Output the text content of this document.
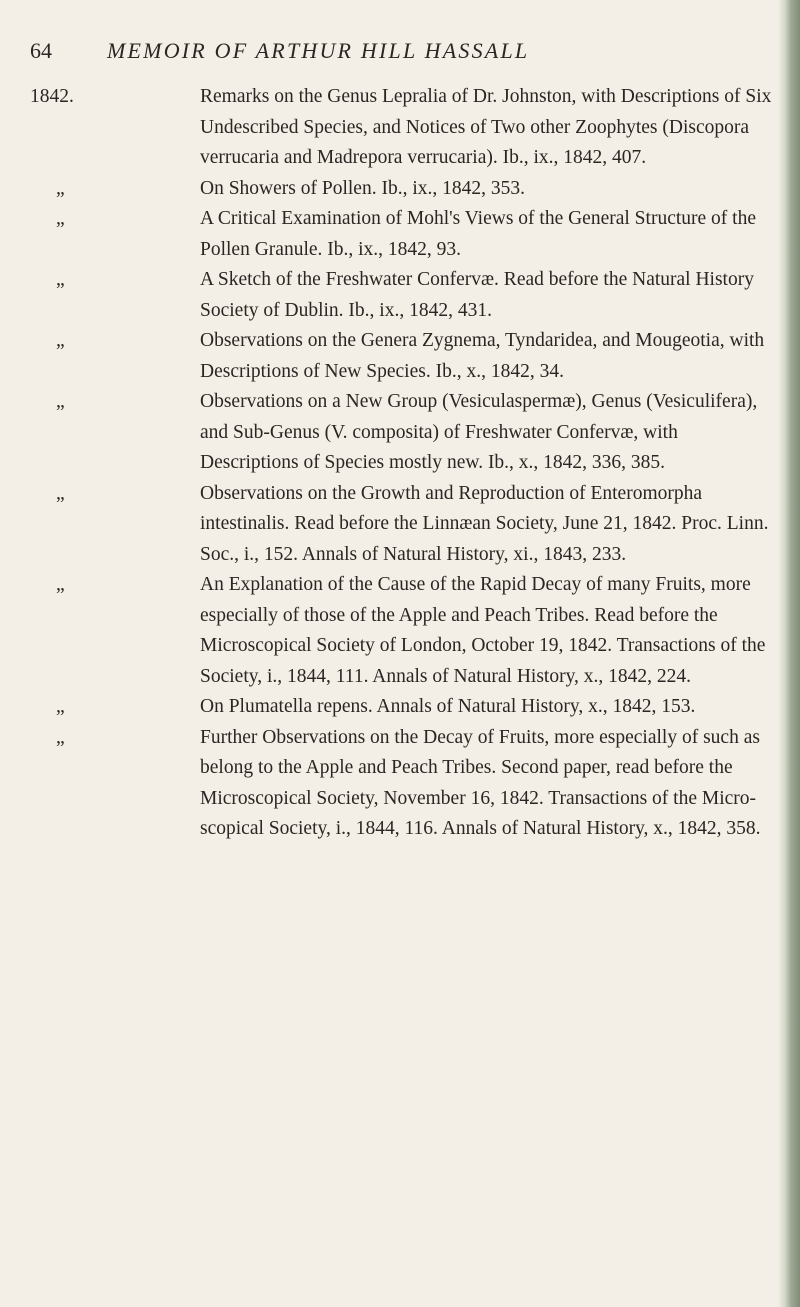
64	MEMOIR OF ARTHUR HILL HASSALL
1842.	Remarks on the Genus Lepralia of Dr. Johnston, with Descriptions of Six Undescribed Species, and Notices of Two other Zoophytes (Discopora verrucaria and Madrepora verrucaria). Ib., ix., 1842, 407.
„	On Showers of Pollen. Ib., ix., 1842, 353.
„	A Critical Examination of Mohl's Views of the General Structure of the Pollen Granule. Ib., ix., 1842, 93.
„	A Sketch of the Freshwater Confervæ. Read before the Natural History Society of Dublin. Ib., ix., 1842, 431.
„	Observations on the Genera Zygnema, Tyndaridea, and Mougeotia, with Descriptions of New Species. Ib., x., 1842, 34.
„	Observations on a New Group (Vesiculaspermæ), Genus (Vesiculifera), and Sub-Genus (V. composita) of Freshwater Confervæ, with Descriptions of Species mostly new. Ib., x., 1842, 336, 385.
„	Observations on the Growth and Reproduction of Enteromorpha intestinalis. Read before the Linnæan Society, June 21, 1842. Proc. Linn. Soc., i., 152. Annals of Natural History, xi., 1843, 233.
„	An Explanation of the Cause of the Rapid Decay of many Fruits, more especially of those of the Apple and Peach Tribes. Read before the Microscopical Society of London, October 19, 1842. Transactions of the Society, i., 1844, 111. Annals of Natural History, x., 1842, 224.
„	On Plumatella repens. Annals of Natural History, x., 1842, 153.
„	Further Observations on the Decay of Fruits, more especially of such as belong to the Apple and Peach Tribes. Second paper, read before the Microscopical Society, November 16, 1842. Transactions of the Micro-scopical Society, i., 1844, 116. Annals of Natural History, x., 1842, 358.
